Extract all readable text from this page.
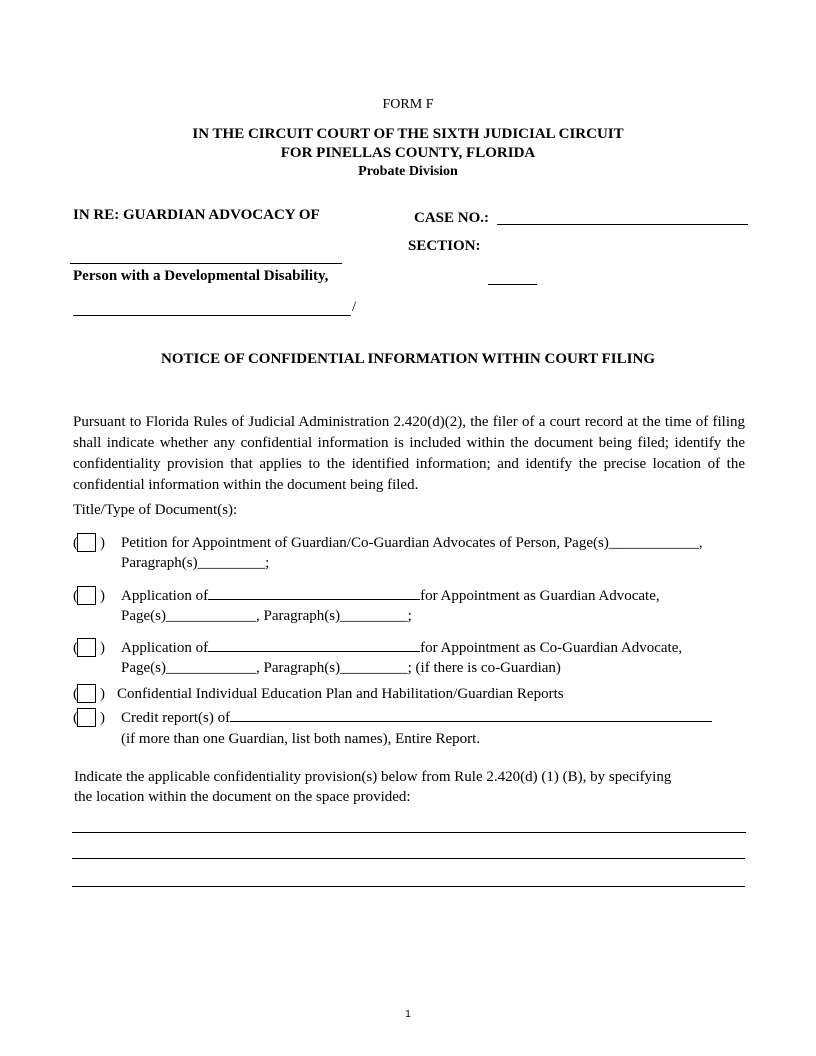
FORM F
IN THE CIRCUIT COURT OF THE SIXTH JUDICIAL CIRCUIT
FOR PINELLAS COUNTY, FLORIDA
Probate Division
IN RE: GUARDIAN ADVOCACY OF	CASE NO.:
SECTION:
Person with a Developmental Disability,
/
NOTICE OF CONFIDENTIAL INFORMATION WITHIN COURT FILING
Pursuant to Florida Rules of Judicial Administration 2.420(d)(2), the filer of a court record at the time of filing shall indicate whether any confidential information is included within the document being filed; identify the confidentiality provision that applies to the identified information; and identify the precise location of the confidential information within the document being filed.
Title/Type of Document(s):
( ) Petition for Appointment of Guardian/Co-Guardian Advocates of Person, Page(s)____________,
Paragraph(s)_________;
( ) Application of	for Appointment as Guardian Advocate,
Page(s)____________, Paragraph(s)_________;
( ) Application of	for Appointment as Co-Guardian Advocate,
Page(s)____________, Paragraph(s)_________; (if there is co-Guardian)
( ) Confidential Individual Education Plan and Habilitation/Guardian Reports
( ) Credit report(s) of
(if more than one Guardian, list both names), Entire Report.
Indicate the applicable confidentiality provision(s) below from Rule 2.420(d) (1) (B), by specifying
the location within the document on the space provided:
1
